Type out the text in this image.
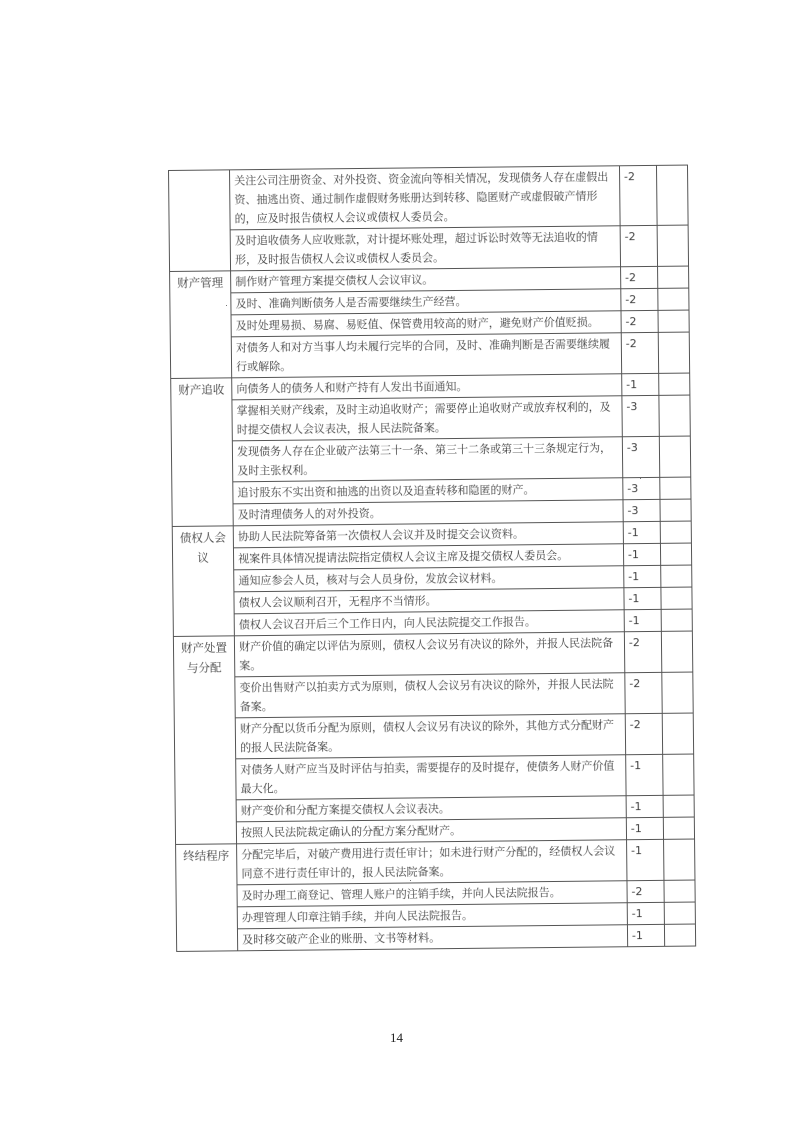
	关注公司注册资金、对外投资、资金流向等相关情况，发现债务人存在虚假出资、抽逃出资、通过制作虚假财务账册达到转移、隐匿财产或虚假破产情形的，应及时报告债权人会议或债权人委员会。	-2	
	及时追收债务人应收账款，对计提坏账处理，超过诉讼时效等无法追收的情形，及时报告债权人会议或债权人委员会。	-2	
财产管理	制作财产管理方案提交债权人会议审议。	-2	
	及时、准确判断债务人是否需要继续生产经营。	-2	
	及时处理易损、易腐、易贬值、保管费用较高的财产，避免财产价值贬损。	-2	
	对债务人和对方当事人均未履行完毕的合同，及时、准确判断是否需要继续履行或解除。	-2	
财产追收	向债务人的债务人和财产持有人发出书面通知。	-1	
	掌握相关财产线索，及时主动追收财产；需要停止追收财产或放弃权利的，及时提交债权人会议表决，报人民法院备案。	-3	
	发现债务人存在企业破产法第三十一条、第三十二条或第三十三条规定行为，及时主张权利。	-3	
	追讨股东不实出资和抽逃的出资以及追查转移和隐匿的财产。	-3	
	及时清理债务人的对外投资。	-3	
债权人会议	协助人民法院筹备第一次债权人会议并及时提交会议资料。	-1	
	视案件具体情况提请法院指定债权人会议主席及提交债权人委员会。	-1	
	通知应参会人员，核对与会人员身份，发放会议材料。	-1	
	债权人会议顺利召开，无程序不当情形。	-1	
	债权人会议召开后三个工作日内，向人民法院提交工作报告。	-1	
财产处置与分配	财产价值的确定以评估为原则，债权人会议另有决议的除外，并报人民法院备案。	-2	
	变价出售财产以拍卖方式为原则，债权人会议另有决议的除外，并报人民法院备案。	-2	
	财产分配以货币分配为原则，债权人会议另有决议的除外，其他方式分配财产的报人民法院备案。	-2	
	对债务人财产应当及时评估与拍卖，需要提存的及时提存，使债务人财产价值最大化。	-1	
	财产变价和分配方案提交债权人会议表决。	-1	
	按照人民法院裁定确认的分配方案分配财产。	-1	
终结程序	分配完毕后，对破产费用进行责任审计；如未进行财产分配的，经债权人会议同意不进行责任审计的，报人民法院备案。	-1	
	及时办理工商登记、管理人账户的注销手续，并向人民法院报告。	-2	
	办理管理人印章注销手续，并向人民法院报告。	-1	
	及时移交破产企业的账册、文书等材料。	-1	
14
